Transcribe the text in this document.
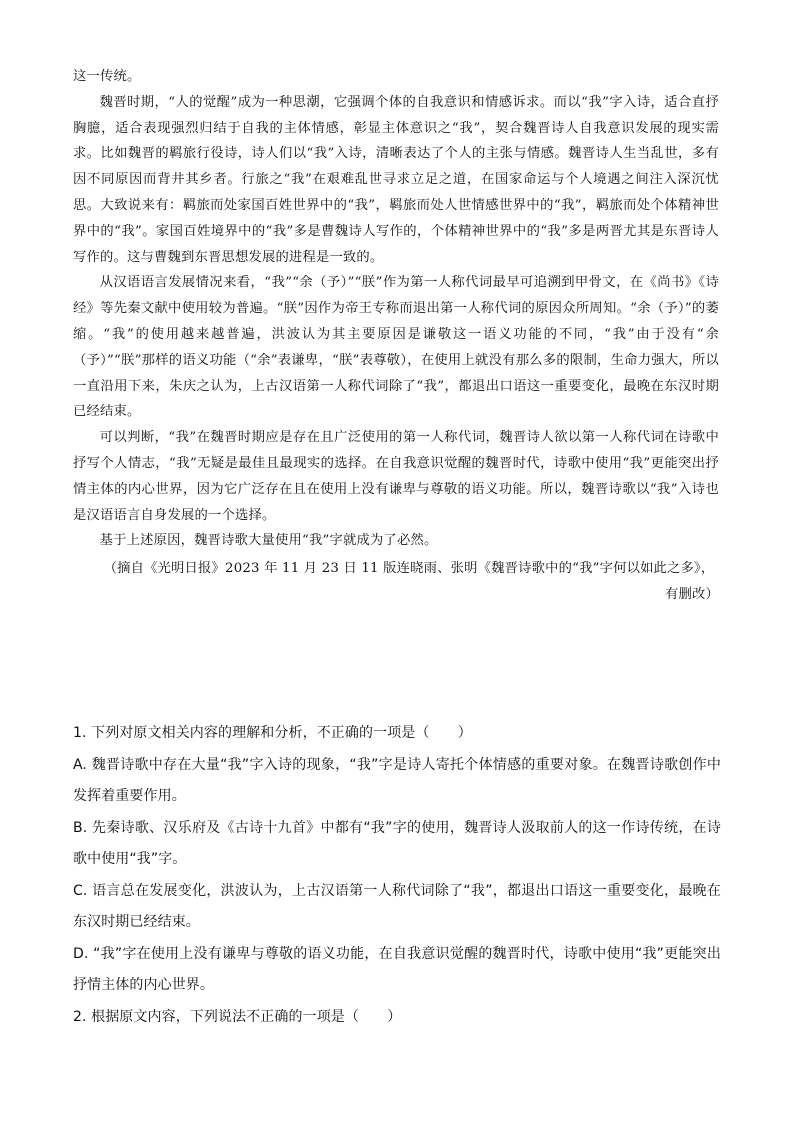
这一传统。

魏晋时期，“人的觉醒”成为一种思潮，它强调个体的自我意识和情感诉求。而以“我”字入诗，适合直抒胸臆，适合表现强烈归结于自我的主体情感，彰显主体意识之“我”，契合魏晋诗人自我意识发展的现实需求。比如魏晋的羁旅行役诗，诗人们以“我”入诗，清晰表达了个人的主张与情感。魏晋诗人生当乱世，多有因不同原因而背井其乡者。行旅之“我”在艰难乱世寻求立足之道，在国家命运与个人境遇之间注入深沉忧思。大致说来有：羁旅而处家国百姓世界中的“我”，羁旅而处人世情感世界中的“我”，羁旅而处个体精神世界中的“我”。家国百姓境界中的“我”多是曹魏诗人写作的，个体精神世界中的“我”多是两晋尤其是东晋诗人写作的。这与曹魏到东晋思想发展的进程是一致的。

从汉语语言发展情况来看，“我”“余（予）”“朕”作为第一人称代词最早可追溯到甲骨文，在《尚书》《诗经》等先秦文献中使用较为普遍。“朕”因作为帝王专称而退出第一人称代词的原因众所周知。“余（予）”的萎缩。“我”的使用越来越普遍，洪波认为其主要原因是谦敬这一语义功能的不同，“我”由于没有“余（予）”“朕”那样的语义功能（“余”表谦卑，“朕”表尊敬），在使用上就没有那么多的限制，生命力强大，所以一直沿用下来，朱庆之认为，上古汉语第一人称代词除了“我”，都退出口语这一重要变化，最晚在东汉时期已经结束。

可以判断，“我”在魏晋时期应是存在且广泛使用的第一人称代词，魏晋诗人欲以第一人称代词在诗歌中抒写个人情志，“我”无疑是最佳且最现实的选择。在自我意识觉醒的魏晋时代，诗歌中使用“我”更能突出抒情主体的内心世界，因为它广泛存在且在使用上没有谦卑与尊敬的语义功能。所以，魏晋诗歌以“我”入诗也是汉语语言自身发展的一个选择。

基于上述原因，魏晋诗歌大量使用“我”字就成为了必然。

（摘自《光明日报》2023 年 11 月 23 日 11 版连晓雨、张明《魏晋诗歌中的“我”字何以如此之多》，

有删改）

1. 下列对原文相关内容的理解和分析，不正确的一项是（　　）

A. 魏晋诗歌中存在大量“我”字入诗的现象，“我”字是诗人寄托个体情感的重要对象。在魏晋诗歌创作中发挥着重要作用。

B. 先秦诗歌、汉乐府及《古诗十九首》中都有“我”字的使用，魏晋诗人汲取前人的这一作诗传统，在诗歌中使用“我”字。

C. 语言总在发展变化，洪波认为，上古汉语第一人称代词除了“我”，都退出口语这一重要变化，最晚在东汉时期已经结束。

D. “我”字在使用上没有谦卑与尊敬的语义功能，在自我意识觉醒的魏晋时代，诗歌中使用“我”更能突出抒情主体的内心世界。

2. 根据原文内容，下列说法不正确的一项是（　　）
